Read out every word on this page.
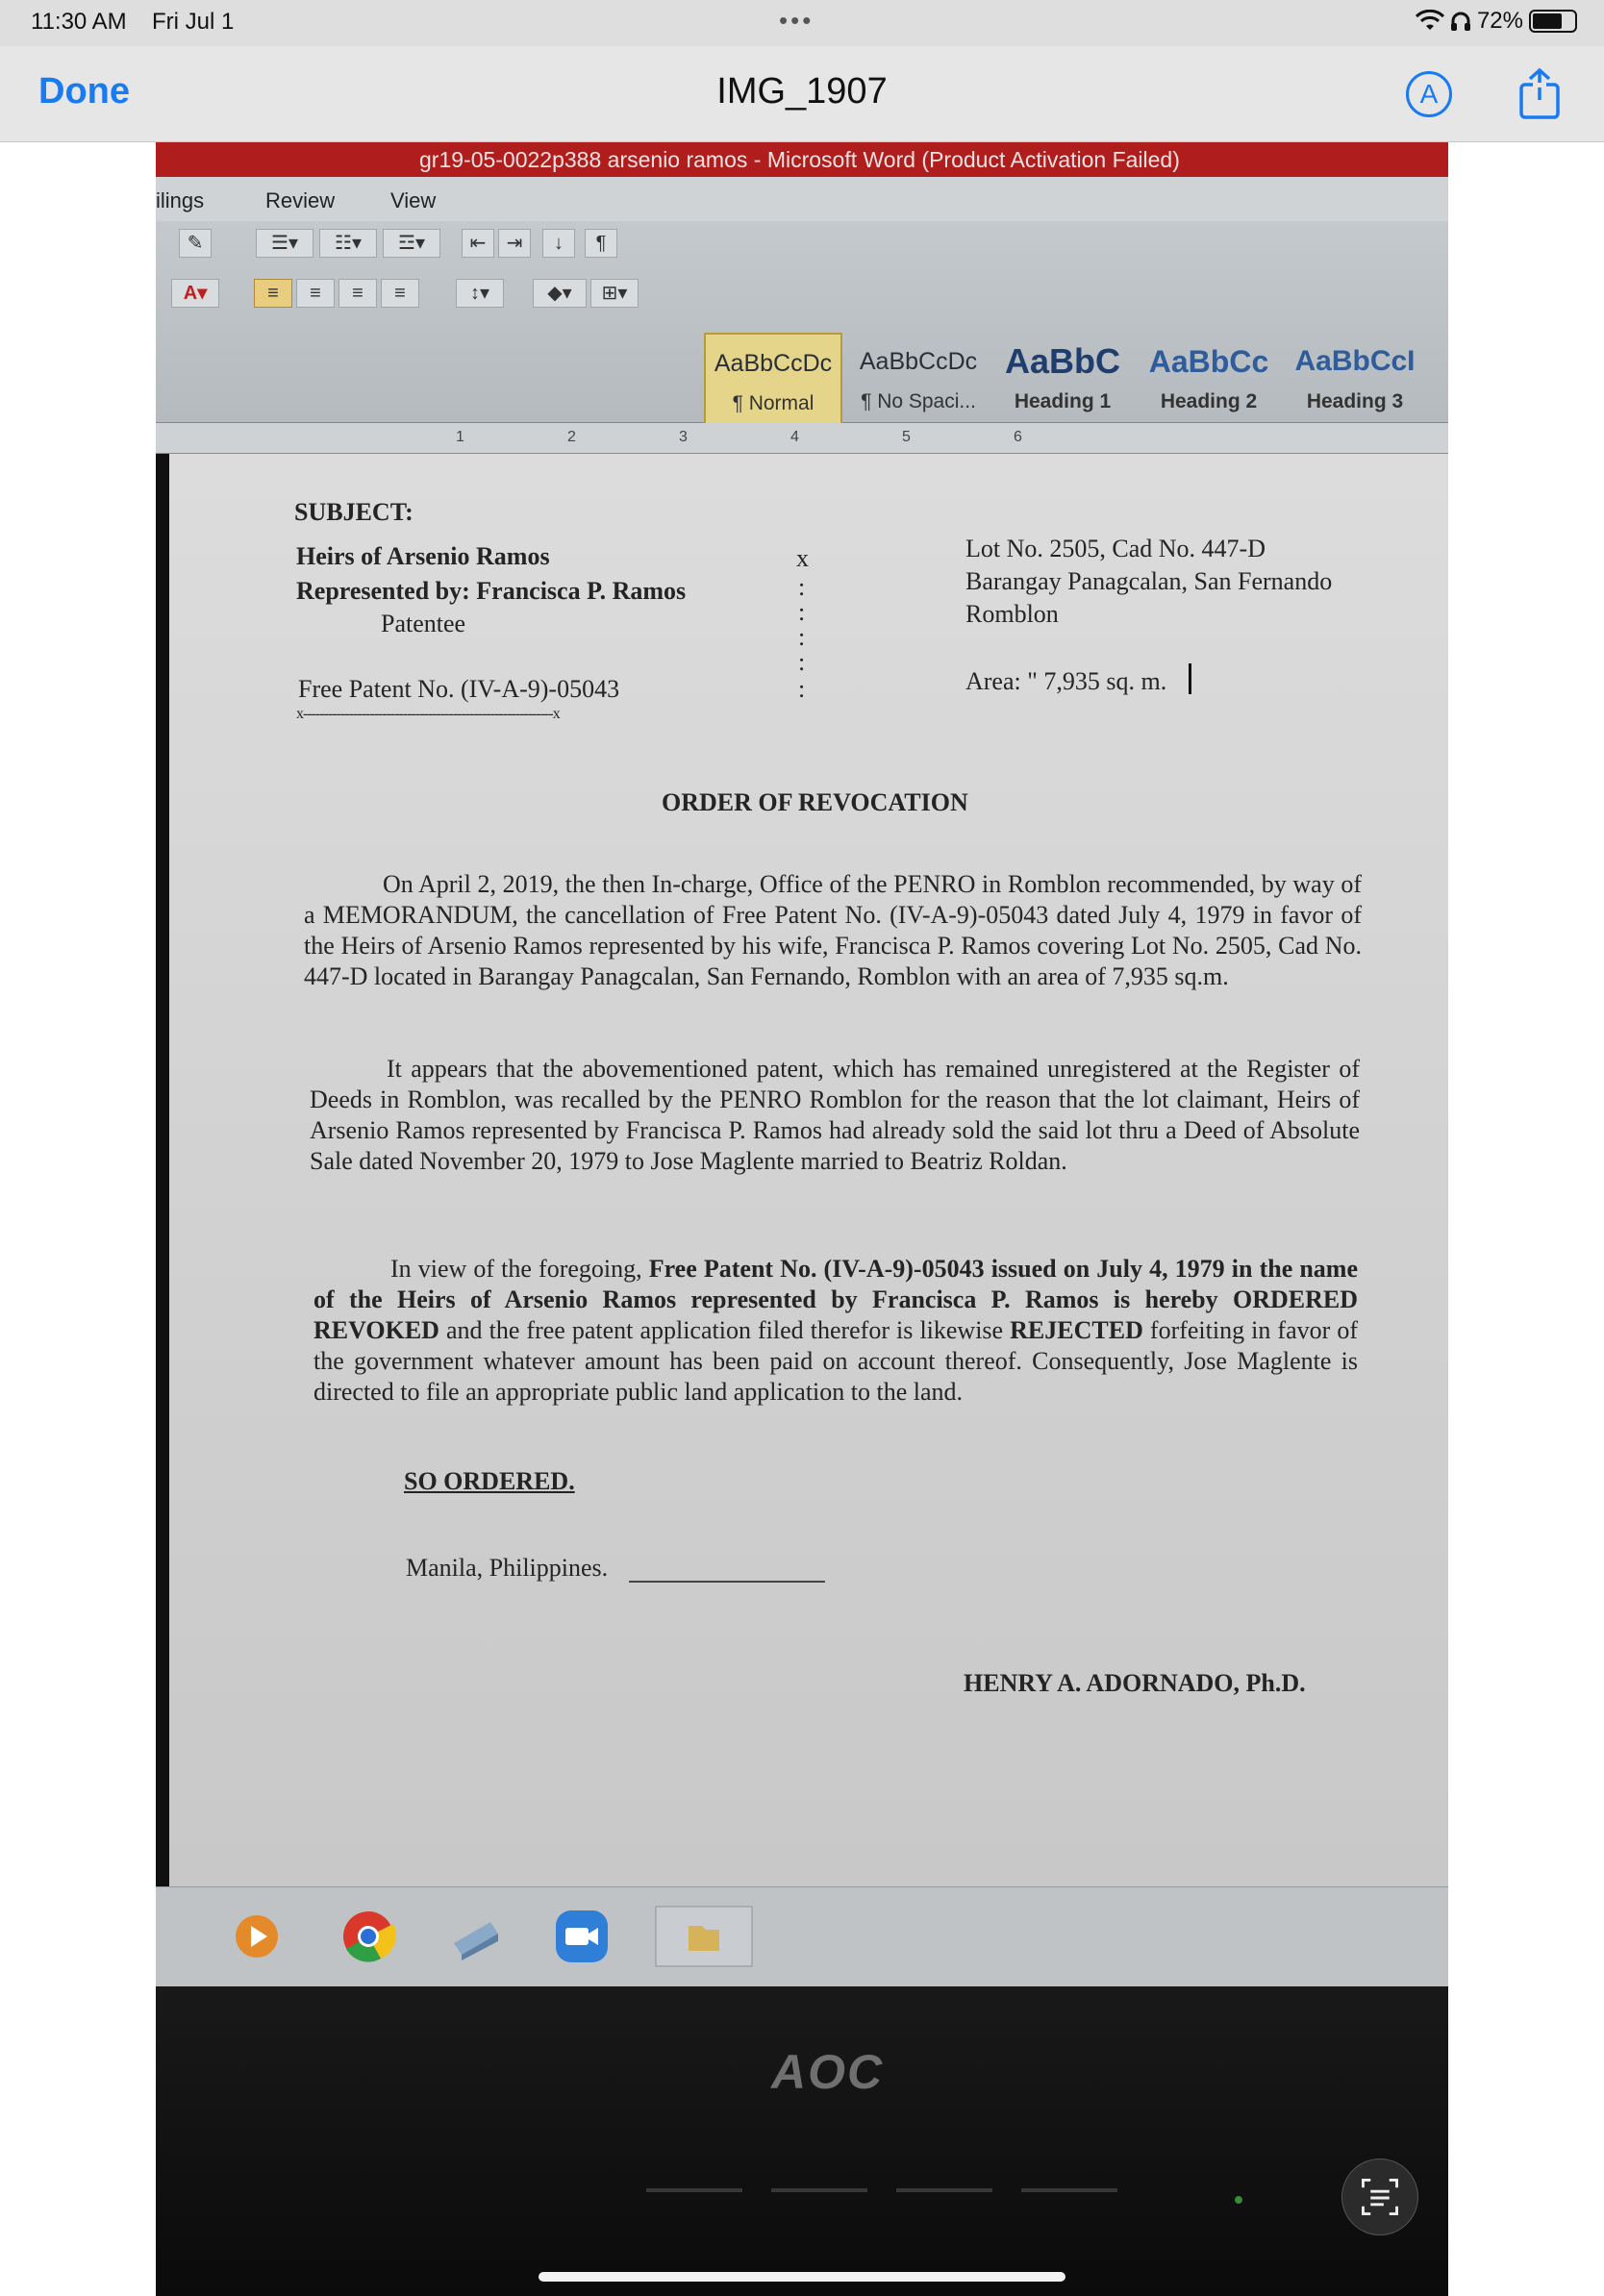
11:30 AM Fri Jul 1	•••	72%
Done	IMG_1907	A
gr19-05-0022p388 arsenio ramos - Microsoft Word (Product Activation Failed)
ilings	Review	View
✎	☰▾	☷▾	☲▾	⇤	⇥	↓	¶
A▾	≡	≡	≡	≡	↕▾	◆▾	⊞▾
AaBbCcDc
¶ Normal
AaBbCcDc
¶ No Spaci...
AaBbC
Heading 1
AaBbCc
Heading 2
AaBbCcI
Heading 3
1	2	3	4	5	6
SUBJECT:
Heirs of Arsenio Ramos
Represented by: Francisca P. Ramos
Patentee
Free Patent No. (IV-A-9)-05043
x
:
:
:
:
:
Lot No. 2505, Cad No. 447-D
Barangay Panagcalan, San Fernando
Romblon
Area: " 7,935 sq. m.
x------------------------------------------------------------x
ORDER OF REVOCATION
On April 2, 2019, the then In-charge, Office of the PENRO in Romblon recommended, by way of a MEMORANDUM, the cancellation of Free Patent No. (IV-A-9)-05043 dated July 4, 1979 in favor of the Heirs of Arsenio Ramos represented by his wife, Francisca P. Ramos covering Lot No. 2505, Cad No. 447-D located in Barangay Panagcalan, San Fernando, Romblon with an area of 7,935 sq.m.
It appears that the abovementioned patent, which has remained unregistered at the Register of Deeds in Romblon, was recalled by the PENRO Romblon for the reason that the lot claimant, Heirs of Arsenio Ramos represented by Francisca P. Ramos had already sold the said lot thru a Deed of Absolute Sale dated November 20, 1979 to Jose Maglente married to Beatriz Roldan.
In view of the foregoing, Free Patent No. (IV-A-9)-05043 issued on July 4, 1979 in the name of the Heirs of Arsenio Ramos represented by Francisca P. Ramos is hereby ORDERED REVOKED and the free patent application filed therefor is likewise REJECTED forfeiting in favor of the government whatever amount has been paid on account thereof. Consequently, Jose Maglente is directed to file an appropriate public land application to the land.
SO ORDERED.
Manila, Philippines.
HENRY A. ADORNADO, Ph.D.
AOC
